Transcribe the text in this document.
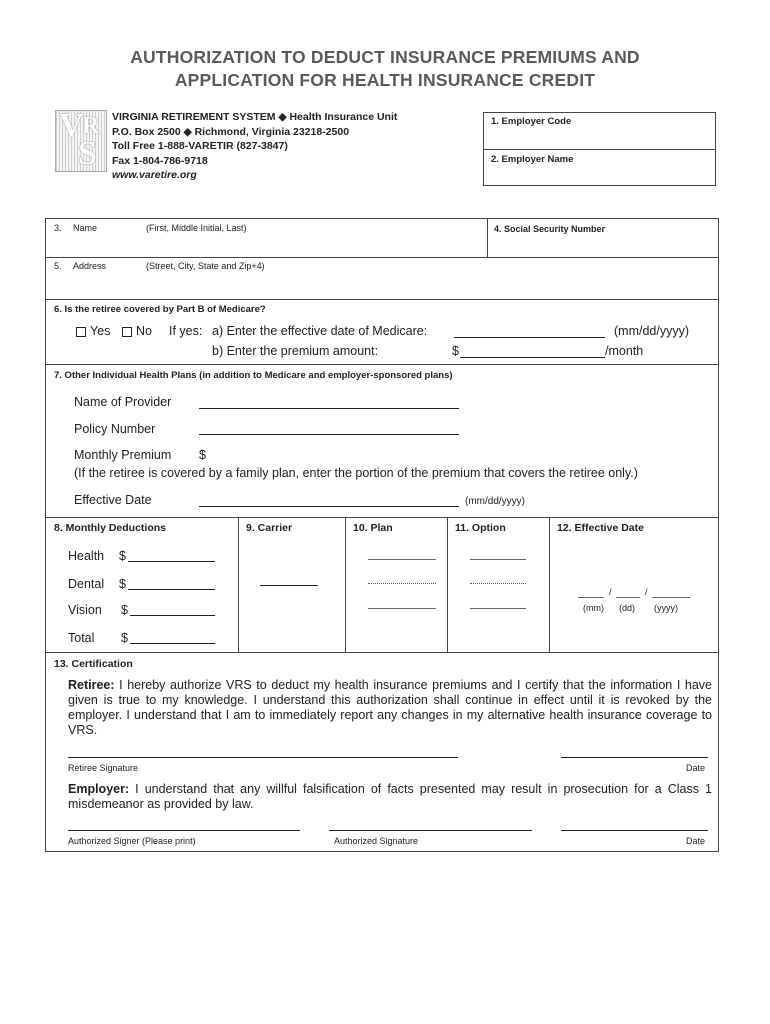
AUTHORIZATION TO DEDUCT INSURANCE PREMIUMS AND
APPLICATION FOR HEALTH INSURANCE CREDIT
V
R
S
VIRGINIA RETIREMENT SYSTEM ◆ Health Insurance Unit
P.O. Box 2500 ◆ Richmond, Virginia 23218-2500
Toll Free 1-888-VARETIR (827-3847)
Fax 1-804-786-9718
www.varetire.org
1. Employer Code
2. Employer Name
3. Name	(First, Middle Initial, Last)	4. Social Security Number
5. Address	(Street, City, State and Zip+4)
6. Is the retiree covered by Part B of Medicare?
Yes	No If yes: a) Enter the effective date of Medicare:	(mm/dd/yyyy)
b) Enter the premium amount:	$	/month
7. Other Individual Health Plans (in addition to Medicare and employer-sponsored plans)
Name of Provider
Policy Number
Monthly Premium $
(If the retiree is covered by a family plan, enter the portion of the premium that covers the retiree only.)
Effective Date	(mm/dd/yyyy)
8. Monthly Deductions	9. Carrier	10. Plan	11. Option	12. Effective Date
Health $
Dental $
Vision $
Total $
/	/
(mm) (dd) (yyyy)
13. Certification
Retiree: I hereby authorize VRS to deduct my health insurance premiums and I certify that the information I have given is true to my knowledge. I understand this authorization shall continue in effect until it is revoked by the employer. I understand that I am to immediately report any changes in my alternative health insurance coverage to VRS.
Retiree Signature	Date
Employer: I understand that any willful falsification of facts presented may result in prosecution for a Class 1 misdemeanor as provided by law.
Authorized Signer (Please print)	Authorized Signature	Date
